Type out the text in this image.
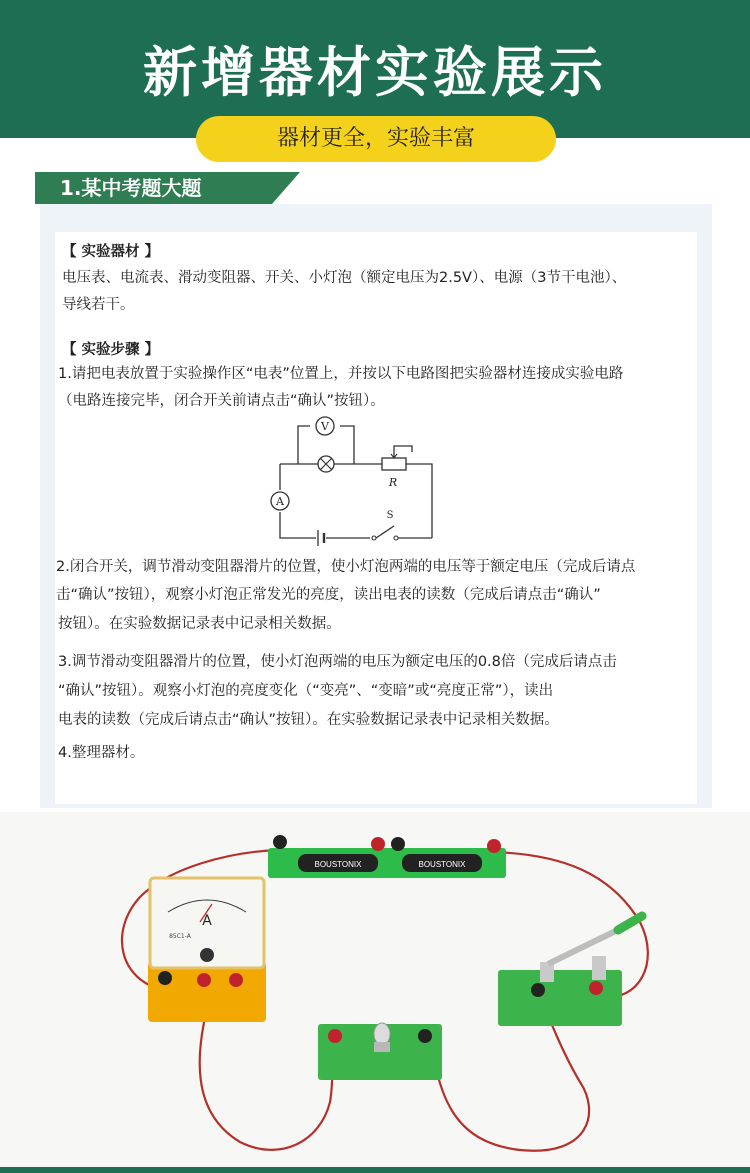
新增器材实验展示
器材更全，实验丰富
1.某中考题大题
【 实验器材 】
电压表、电流表、滑动变阻器、开关、小灯泡（额定电压为2.5V）、电源（3节干电池）、
导线若干。
【 实验步骤 】
1.请把电表放置于实验操作区“电表”位置上，并按以下电路图把实验器材连接成实验电路
（电路连接完毕，闭合开关前请点击“确认”按钮）。
V
R
A
S
2.闭合开关，调节滑动变阻器滑片的位置，使小灯泡两端的电压等于额定电压（完成后请点
击“确认”按钮），观察小灯泡正常发光的亮度，读出电表的读数（完成后请点击“确认”
按钮）。在实验数据记录表中记录相关数据。
3.调节滑动变阻器滑片的位置，使小灯泡两端的电压为额定电压的0.8倍（完成后请点击
“确认”按钮）。观察小灯泡的亮度变化（“变亮”、“变暗”或“亮度正常”），读出
电表的读数（完成后请点击“确认”按钮）。在实验数据记录表中记录相关数据。
4.整理器材。
BOUSTONIX	BOUSTONIX
A
85C1-A
